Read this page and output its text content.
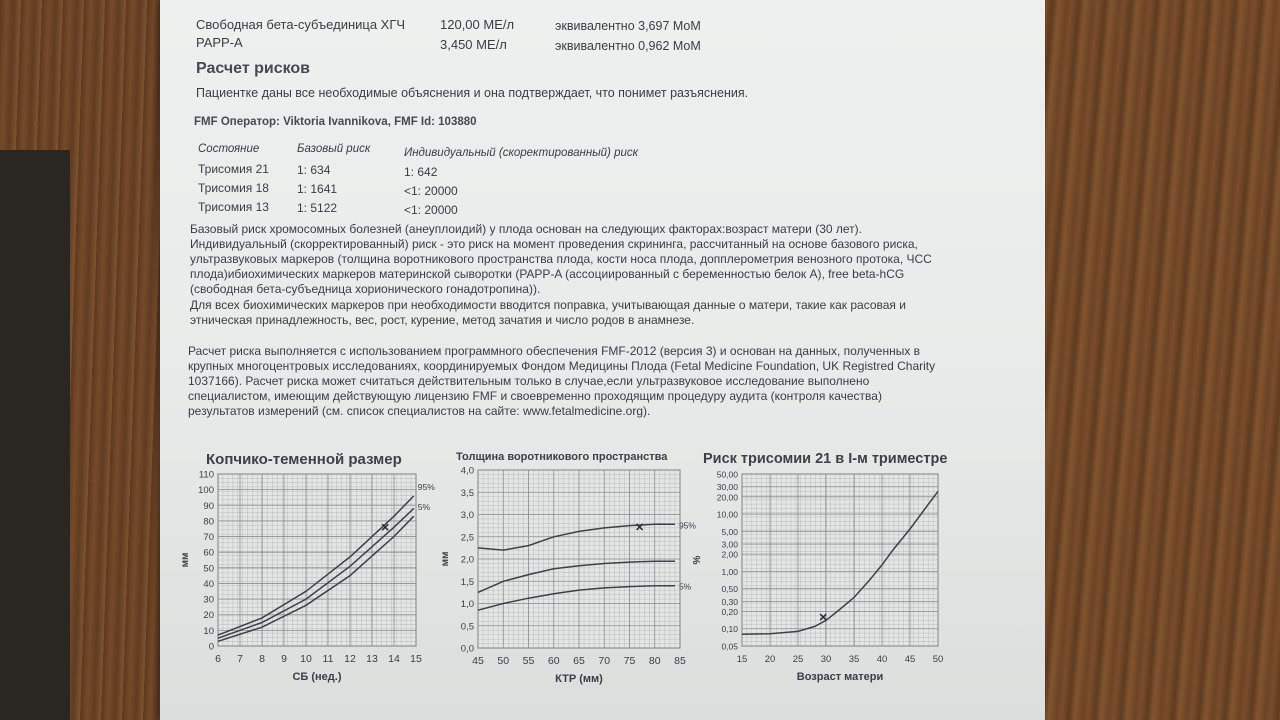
Свободная бета-субъединица ХГЧ	120,00 МЕ/л	эквивалентно 3,697 МоМ
PAPP-A	3,450 МЕ/л	эквивалентно 0,962 МоМ
Расчет рисков
Пациентке даны все необходимые объяснения и она подтверждает, что понимет разъяснения.
FMF Оператор: Viktoria Ivannikova, FMF Id: 103880
Состояние	Базовый риск	Индивидуальный (скоректированный) риск
Трисомия 21 1: 634	1: 642
Трисомия 18 1: 1641	<1: 20000
Трисомия 13 1: 5122	<1: 20000
Базовый риск хромосомных болезней (анеуплоидий) у плода основан на следующих факторах:возраст матери (30 лет).
Индивидуальный (скорректированный) риск - это риск на момент проведения скрининга, рассчитанный на основе базового риска,
ультразвуковых маркеров (толщина воротникового пространства плода, кости носа плода, допплерометрия венозного протока, ЧСС
плода)ибиохимических маркеров материнской сыворотки (PAPP-A (ассоциированный с беременностью белок А), free beta-hCG
(свободная бета-субъедница хорионического гонадотропина)).
Для всех биохимических маркеров при необходимости вводится поправка, учитывающая данные о матери, такие как расовая и
этническая принадлежность, вес, рост, курение, метод зачатия и число родов в анамнезе.
Расчет риска выполняется с использованием программного обеспечения FMF-2012 (версия 3) и основан на данных, полученных в
крупных многоцентровых исследованиях, координируемых Фондом Медицины Плода (Fetal Medicine Foundation, UK Registred Charity
1037166). Расчет риска может считаться действительным только в случае,если ультразвуковое исследование выполнено
специалистом, имеющим действующую лицензию FMF и своевременно проходящим процедуру аудита (контроля качества)
результатов измерений (см. список специалистов на сайте: www.fetalmedicine.org).
Копчико-теменной размер	Толщина воротникового пространства Риск трисомии 21 в I-м триместре
6 7 8 9 10 11 12 13 14 15
0
10
20
30
40
50
60
70
80
90
100
110
СБ (нед.)
мм
95%
5%
45 50 55 60 65 70 75 80 85
0,0
0,5
1,0
1,5
2,0
2,5
3,0
3,5
4,0
КТР (мм)
мм
95%
5%
15 20 25 30 35 40 45 50
0,05
0,10
0,20
0,30
0,50
1,00
2,00
3,00
5,00
10,00
20,00
30,00
50,00
Возраст матери
%
